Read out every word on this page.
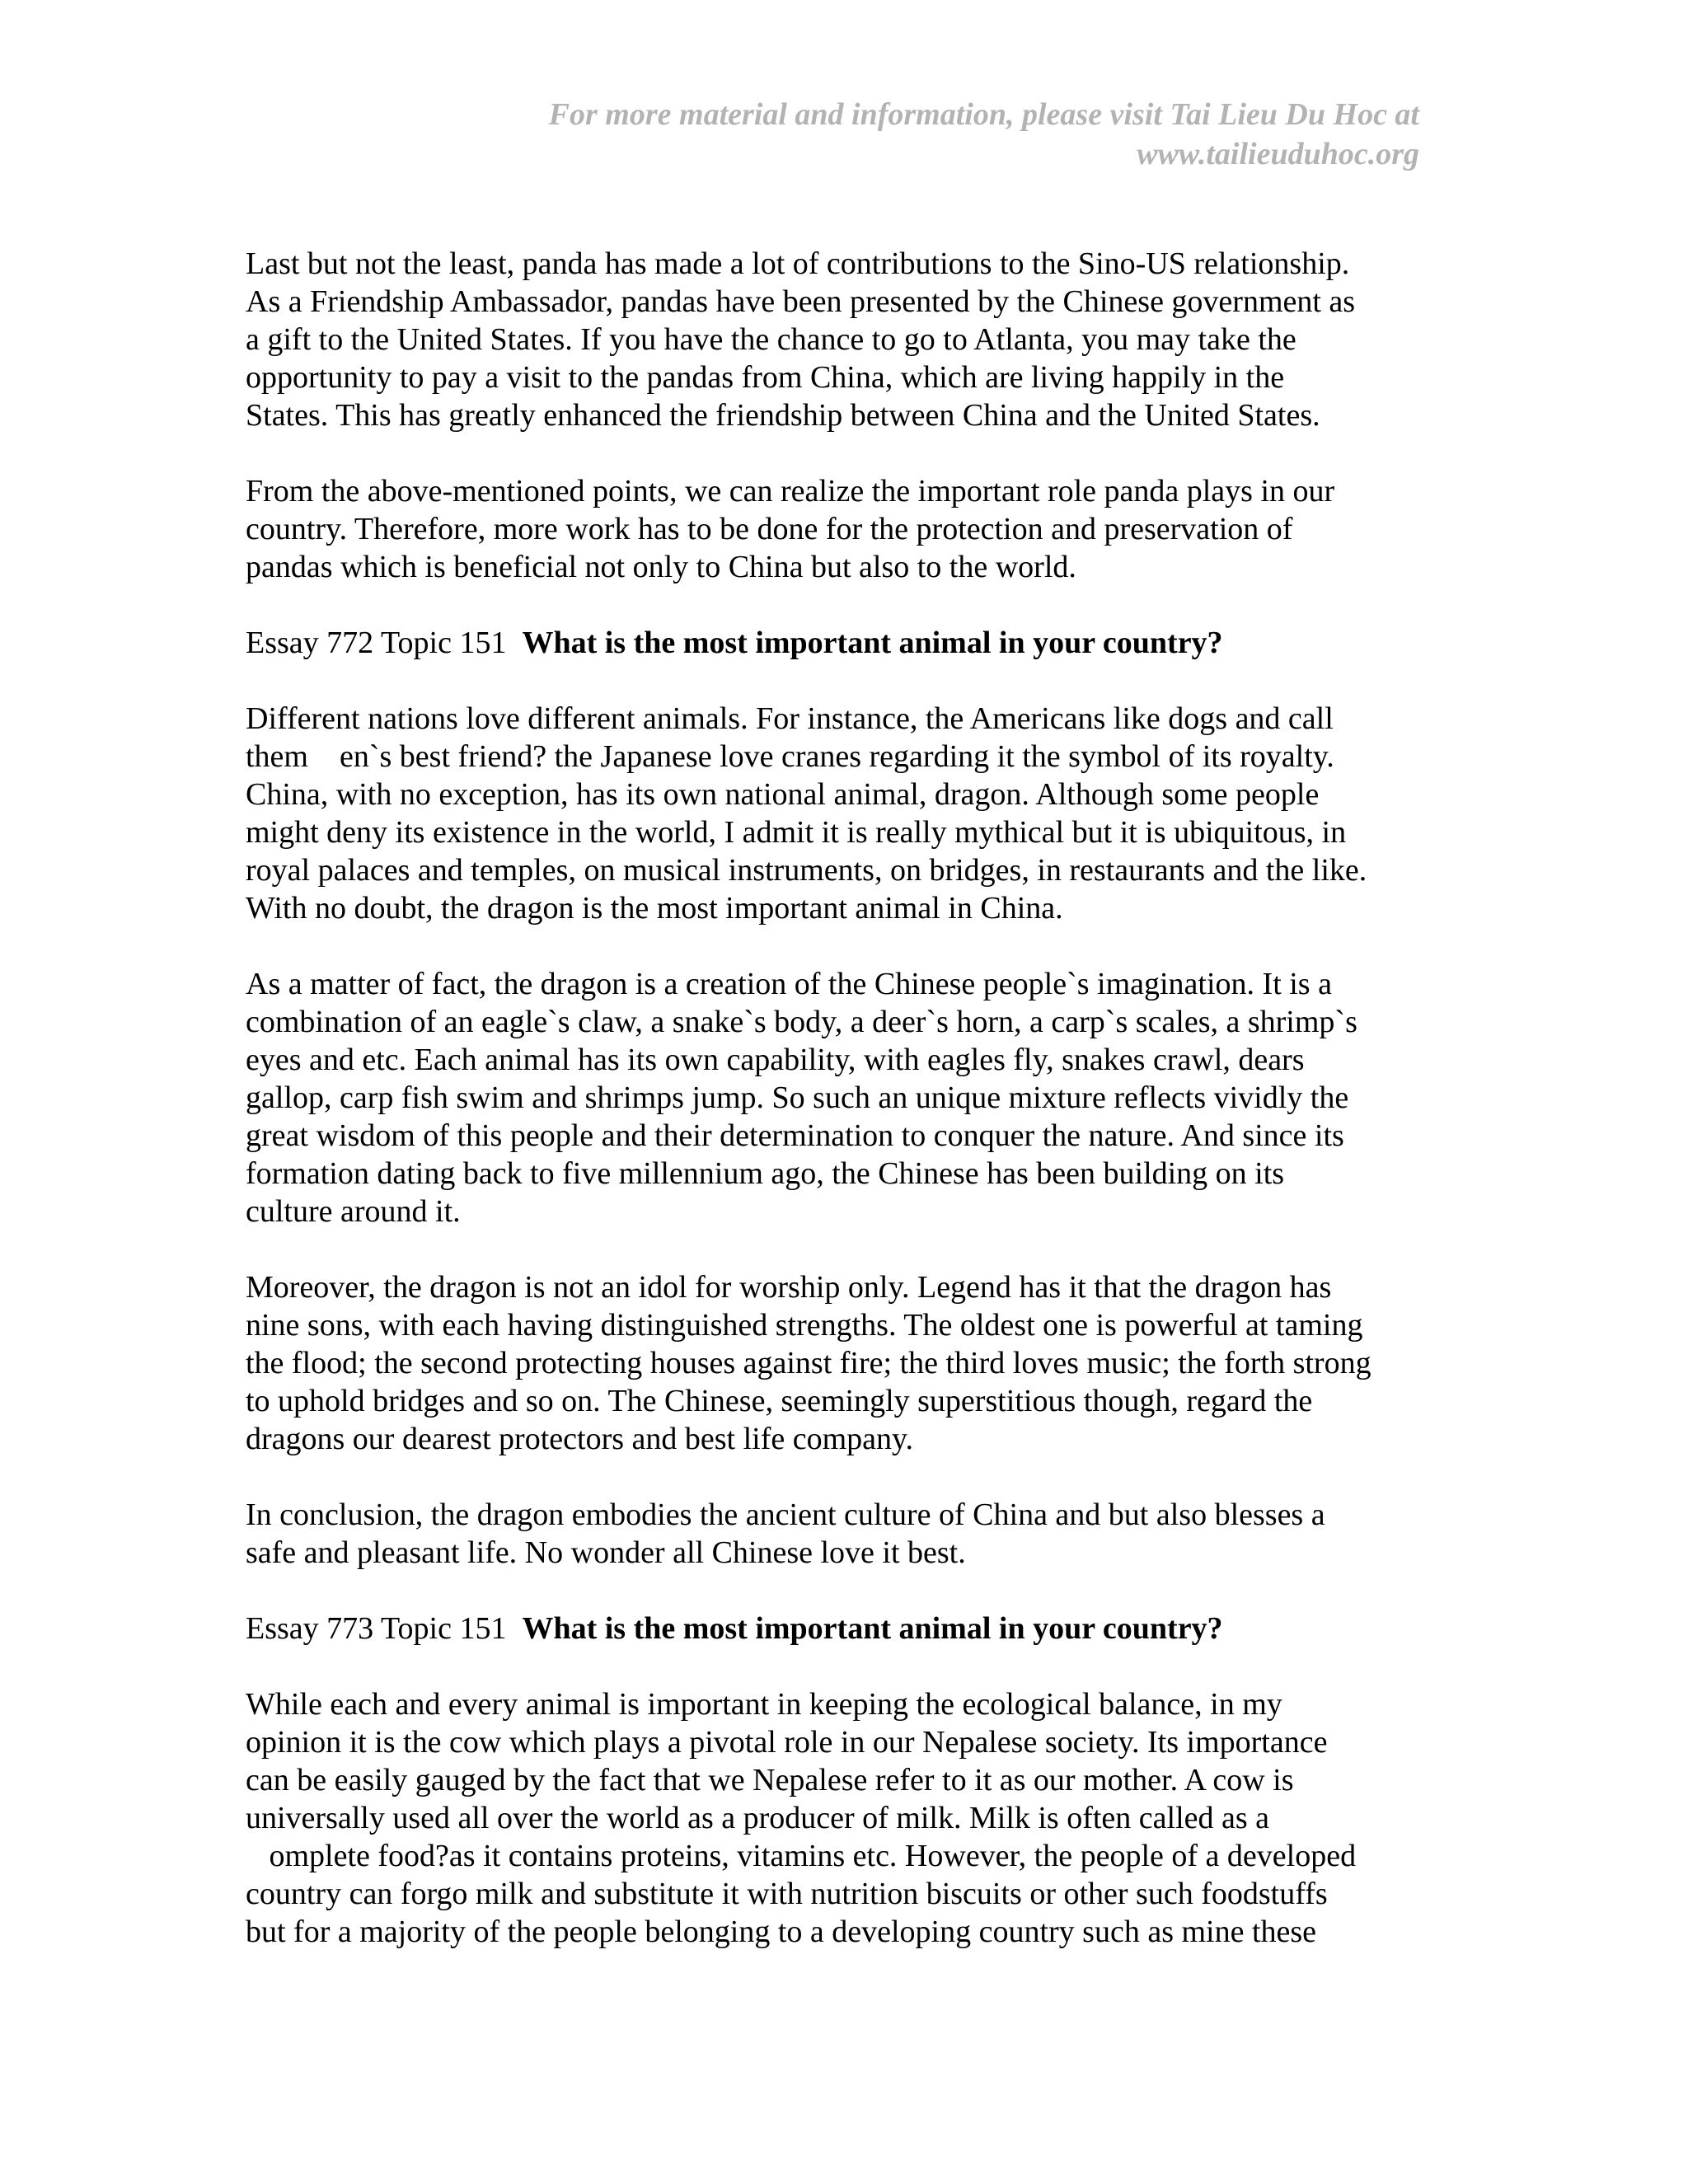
For more material and information, please visit Tai Lieu Du Hoc at
www.tailieuduhoc.org
Last but not the least, panda has made a lot of contributions to the Sino-US relationship.
As a Friendship Ambassador, pandas have been presented by the Chinese government as
a gift to the United States. If you have the chance to go to Atlanta, you may take the
opportunity to pay a visit to the pandas from China, which are living happily in the
States. This has greatly enhanced the friendship between China and the United States.
From the above-mentioned points, we can realize the important role panda plays in our
country. Therefore, more work has to be done for the protection and preservation of
pandas which is beneficial not only to China but also to the world.
Essay 772 Topic 151 What is the most important animal in your country?
Different nations love different animals. For instance, the Americans like dogs and call
them    en`s best friend? the Japanese love cranes regarding it the symbol of its royalty.
China, with no exception, has its own national animal, dragon. Although some people
might deny its existence in the world, I admit it is really mythical but it is ubiquitous, in
royal palaces and temples, on musical instruments, on bridges, in restaurants and the like.
With no doubt, the dragon is the most important animal in China.
As a matter of fact, the dragon is a creation of the Chinese people`s imagination. It is a
combination of an eagle`s claw, a snake`s body, a deer`s horn, a carp`s scales, a shrimp`s
eyes and etc. Each animal has its own capability, with eagles fly, snakes crawl, dears
gallop, carp fish swim and shrimps jump. So such an unique mixture reflects vividly the
great wisdom of this people and their determination to conquer the nature. And since its
formation dating back to five millennium ago, the Chinese has been building on its
culture around it.
Moreover, the dragon is not an idol for worship only. Legend has it that the dragon has
nine sons, with each having distinguished strengths. The oldest one is powerful at taming
the flood; the second protecting houses against fire; the third loves music; the forth strong
to uphold bridges and so on. The Chinese, seemingly superstitious though, regard the
dragons our dearest protectors and best life company.
In conclusion, the dragon embodies the ancient culture of China and but also blesses a
safe and pleasant life. No wonder all Chinese love it best.
Essay 773 Topic 151 What is the most important animal in your country?
While each and every animal is important in keeping the ecological balance, in my
opinion it is the cow which plays a pivotal role in our Nepalese society. Its importance
can be easily gauged by the fact that we Nepalese refer to it as our mother. A cow is
universally used all over the world as a producer of milk. Milk is often called as a
omplete food?as it contains proteins, vitamins etc. However, the people of a developed
country can forgo milk and substitute it with nutrition biscuits or other such foodstuffs
but for a majority of the people belonging to a developing country such as mine these
